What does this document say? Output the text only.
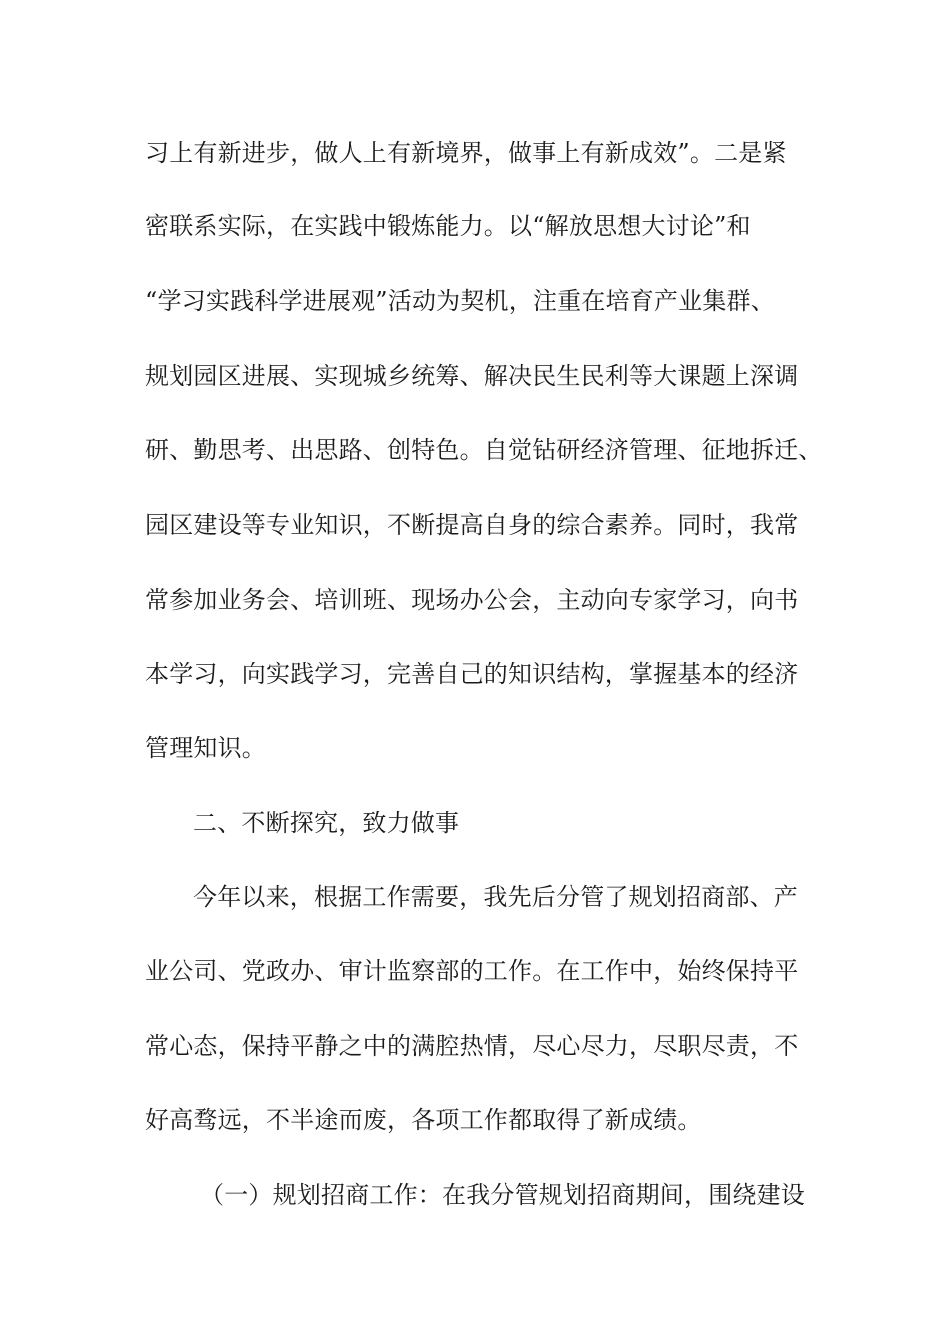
习上有新进步，做人上有新境界，做事上有新成效”。二是紧
密联系实际，在实践中锻炼能力。以“解放思想大讨论”和
“学习实践科学进展观”活动为契机，注重在培育产业集群、
规划园区进展、实现城乡统筹、解决民生民利等大课题上深调
研、勤思考、出思路、创特色。自觉钻研经济管理、征地拆迁、
园区建设等专业知识，不断提高自身的综合素养。同时，我常
常参加业务会、培训班、现场办公会，主动向专家学习，向书
本学习，向实践学习，完善自己的知识结构，掌握基本的经济
管理知识。
二、不断探究，致力做事
今年以来，根据工作需要，我先后分管了规划招商部、产
业公司、党政办、审计监察部的工作。在工作中，始终保持平
常心态，保持平静之中的满腔热情，尽心尽力，尽职尽责，不
好高骛远，不半途而废，各项工作都取得了新成绩。
（一）规划招商工作：在我分管规划招商期间，围绕建设
